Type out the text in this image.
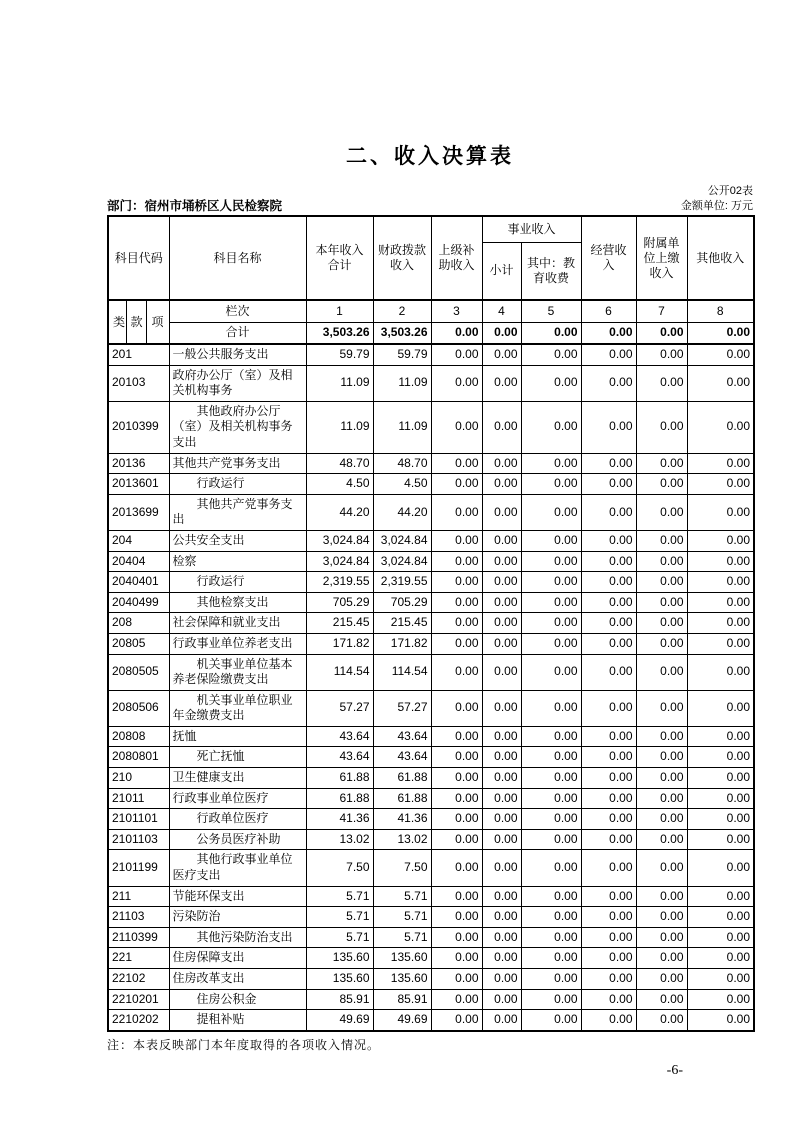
二、收入决算表
公开02表
部门：宿州市埇桥区人民检察院	金额单位: 万元
科目代码			科目名称	本年收入合计	财政拨款收入	上级补助收入	事业收入		经营收入	附属单位上缴收入	其他收入
							小计	其中：教育收费			
类	款	项	栏次	1	2	3	4	5	6	7	8
			合计	3,503.26	3,503.26	0.00	0.00	0.00	0.00	0.00	0.00
201			一般公共服务支出	59.79	59.79	0.00	0.00	0.00	0.00	0.00	0.00
20103			政府办公厅（室）及相关机构事务	11.09	11.09	0.00	0.00	0.00	0.00	0.00	0.00
2010399			其他政府办公厅（室）及相关机构事务支出	11.09	11.09	0.00	0.00	0.00	0.00	0.00	0.00
20136			其他共产党事务支出	48.70	48.70	0.00	0.00	0.00	0.00	0.00	0.00
2013601			行政运行	4.50	4.50	0.00	0.00	0.00	0.00	0.00	0.00
2013699			其他共产党事务支出	44.20	44.20	0.00	0.00	0.00	0.00	0.00	0.00
204			公共安全支出	3,024.84	3,024.84	0.00	0.00	0.00	0.00	0.00	0.00
20404			检察	3,024.84	3,024.84	0.00	0.00	0.00	0.00	0.00	0.00
2040401			行政运行	2,319.55	2,319.55	0.00	0.00	0.00	0.00	0.00	0.00
2040499			其他检察支出	705.29	705.29	0.00	0.00	0.00	0.00	0.00	0.00
208			社会保障和就业支出	215.45	215.45	0.00	0.00	0.00	0.00	0.00	0.00
20805			行政事业单位养老支出	171.82	171.82	0.00	0.00	0.00	0.00	0.00	0.00
2080505			机关事业单位基本养老保险缴费支出	114.54	114.54	0.00	0.00	0.00	0.00	0.00	0.00
2080506			机关事业单位职业年金缴费支出	57.27	57.27	0.00	0.00	0.00	0.00	0.00	0.00
20808			抚恤	43.64	43.64	0.00	0.00	0.00	0.00	0.00	0.00
2080801			死亡抚恤	43.64	43.64	0.00	0.00	0.00	0.00	0.00	0.00
210			卫生健康支出	61.88	61.88	0.00	0.00	0.00	0.00	0.00	0.00
21011			行政事业单位医疗	61.88	61.88	0.00	0.00	0.00	0.00	0.00	0.00
2101101			行政单位医疗	41.36	41.36	0.00	0.00	0.00	0.00	0.00	0.00
2101103			公务员医疗补助	13.02	13.02	0.00	0.00	0.00	0.00	0.00	0.00
2101199			其他行政事业单位医疗支出	7.50	7.50	0.00	0.00	0.00	0.00	0.00	0.00
211			节能环保支出	5.71	5.71	0.00	0.00	0.00	0.00	0.00	0.00
21103			污染防治	5.71	5.71	0.00	0.00	0.00	0.00	0.00	0.00
2110399			其他污染防治支出	5.71	5.71	0.00	0.00	0.00	0.00	0.00	0.00
221			住房保障支出	135.60	135.60	0.00	0.00	0.00	0.00	0.00	0.00
22102			住房改革支出	135.60	135.60	0.00	0.00	0.00	0.00	0.00	0.00
2210201			住房公积金	85.91	85.91	0.00	0.00	0.00	0.00	0.00	0.00
2210202			提租补贴	49.69	49.69	0.00	0.00	0.00	0.00	0.00	0.00
注：本表反映部门本年度取得的各项收入情况。
-6-
